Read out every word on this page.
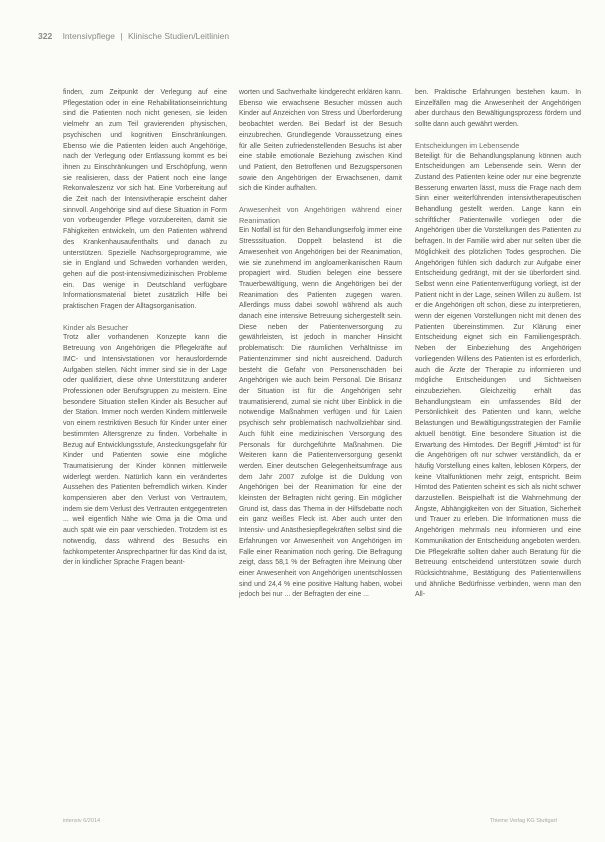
322 Intensivpflege | Klinische Studien/Leitlinien

finden, zum Zeitpunkt der Verlegung auf eine Pflegestation oder in eine Rehabilitationseinrichtung sind die Patienten noch nicht genesen, sie leiden vielmehr an zum Teil gravierenden physischen, psychischen und kognitiven Einschränkungen. Ebenso wie die Patienten leiden auch Angehörige, nach der Verlegung oder Entlassung kommt es bei ihnen zu Einschränkungen und Erschöpfung, wenn sie realisieren, dass der Patient noch eine lange Rekonvaleszenz vor sich hat. Eine Vorbereitung auf die Zeit nach der Intensivtherapie erscheint daher sinnvoll. Angehörige sind auf diese Situation in Form von vorbeugender Pflege vorzubereiten, damit sie Fähigkeiten entwickeln, um den Patienten während des Krankenhausaufenthalts und danach zu unterstützen. Spezielle Nachsorgeprogramme, wie sie in England und Schweden vorhanden werden, gehen auf die post-intensivmedizinischen Probleme ein. Das wenige in Deutschland verfügbare Informationsmaterial bietet zusätzlich Hilfe bei praktischen Fragen der Alltagsorganisation.

Kinder als Besucher

Trotz aller vorhandenen Konzepte kann die Betreuung von Angehörigen die Pflegekräfte auf IMC- und Intensivstationen vor herausfordernde Aufgaben stellen. Nicht immer sind sie in der Lage oder qualifiziert, diese ohne Unterstützung anderer Professionen oder Berufsgruppen zu meistern. Eine besondere Situation stellen Kinder als Besucher auf der Station. Immer noch werden Kindern mittlerweile von einem restriktiven Besuch für Kinder unter einer bestimmten Altersgrenze zu finden. Vorbehalte in Bezug auf Entwicklungsstufe, Ansteckungsgefahr für Kinder und Patienten sowie eine mögliche Traumatisierung der Kinder können mittlerweile widerlegt werden. Natürlich kann ein verändertes Aussehen des Patienten befremdlich wirken. Kinder kompensieren aber den Verlust von Vertrautem, indem sie dem Verlust des Vertrauten entgegentreten ... weil eigentlich Nähe wie Oma ja die Oma und auch spät wie ein paar verschieden. Trotzdem ist es notwendig, dass während des Besuchs ein fachkompetenter Ansprechpartner für das Kind da ist, der in kindlicher Sprache Fragen beant-

worten und Sachverhalte kindgerecht erklären kann. Ebenso wie erwachsene Besucher müssen auch Kinder auf Anzeichen von Stress und Überforderung beobachtet werden. Bei Bedarf ist der Besuch einzubrechen. Grundlegende Voraussetzung eines für alle Seiten zufriedenstellenden Besuchs ist aber eine stabile emotionale Beziehung zwischen Kind und Patient, den Betroffenen und Bezugspersonen sowie den Angehörigen der Erwachsenen, damit sich die Kinder aufhalten.

Anwesenheit von Angehörigen während einer Reanimation

Ein Notfall ist für den Behandlungserfolg immer eine Stresssituation. Doppelt belastend ist die Anwesenheit von Angehörigen bei der Reanimation, wie sie zunehmend im angloamerikanischen Raum propagiert wird. Studien belegen eine bessere Trauerbewältigung, wenn die Angehörigen bei der Reanimation des Patienten zugegen waren. Allerdings muss dabei sowohl während als auch danach eine intensive Betreuung sichergestellt sein. Diese neben der Patientenversorgung zu gewährleisten, ist jedoch in mancher Hinsicht problematisch: Die räumlichen Verhältnisse im Patientenzimmer sind nicht ausreichend. Dadurch besteht die Gefahr von Personenschäden bei Angehörigen wie auch beim Personal. Die Brisanz der Situation ist für die Angehörigen sehr traumatisierend, zumal sie nicht über Einblick in die notwendige Maßnahmen verfügen und für Laien psychisch sehr problematisch nachvollziehbar sind. Auch fühlt eine medizinischen Versorgung des Personals für durchgeführte Maßnahmen. Die Weiteren kann die Patientenversorgung gesenkt werden. Einer deutschen Gelegenheitsumfrage aus dem Jahr 2007 zufolge ist die Duldung von Angehörigen bei der Reanimation für eine der kleinsten der Befragten nicht gering. Ein möglicher Grund ist, dass das Thema in der Hilfsdebatte noch ein ganz weißes Fleck ist. Aber auch unter den Intensiv- und Anästhesiepflegekräften selbst sind die Erfahrungen vor Anwesenheit von Angehörigen im Falle einer Reanimation noch gering. Die Befragung zeigt, dass 58,1 % der Befragten ihre Meinung über einer Anwesenheit von Angehörigen unentschlossen sind und 24,4 % eine positive Haltung haben, wobei jedoch bei nur ... der Befragten der eine ...

ben. Praktische Erfahrungen bestehen kaum. In Einzelfällen mag die Anwesenheit der Angehörigen aber durchaus den Bewältigungsprozess fördern und sollte dann auch gewährt werden.

Entscheidungen im Lebensende

Beteiligt für die Behandlungsplanung können auch Entscheidungen am Lebensende sein. Wenn der Zustand des Patienten keine oder nur eine begrenzte Besserung erwarten lässt, muss die Frage nach dem Sinn einer weiterführenden intensivtherapeutischen Behandlung gestellt werden. Lange kann ein schriftlicher Patientenwille vorliegen oder die Angehörigen über die Vorstellungen des Patienten zu befragen. In der Familie wird aber nur selten über die Möglichkeit des plötzlichen Todes gesprochen. Die Angehörigen fühlen sich dadurch zur Aufgabe einer Entscheidung gedrängt, mit der sie überfordert sind. Selbst wenn eine Patientenverfügung vorliegt, ist der Patient nicht in der Lage, seinen Willen zu äußern. Ist er die Angehörigen oft schon, diese zu interpretieren, wenn der eigenen Vorstellungen nicht mit denen des Patienten übereinstimmen. Zur Klärung einer Entscheidung eignet sich ein Familiengespräch. Neben der Einbeziehung des Angehörigen vorliegenden Willens des Patienten ist es erforderlich, auch die Ärzte der Therapie zu informieren und mögliche Entscheidungen und Sichtweisen einzubeziehen. Gleichzeitig erhält das Behandlungsteam ein umfassendes Bild der Persönlichkeit des Patienten und kann, welche Belastungen und Bewältigungsstrategien der Familie aktuell benötigt. Eine besondere Situation ist die Erwartung des Hirntodes. Der Begriff „Hirntod“ ist für die Angehörigen oft nur schwer verständlich, da er häufig Vorstellung eines kalten, leblosen Körpers, der keine Vitalfunktionen mehr zeigt, entspricht. Beim Hirntod des Patienten scheint es sich als nicht schwer darzustellen. Beispielhaft ist die Wahrnehmung der Ängste, Abhängigkeiten von der Situation, Sicherheit und Trauer zu erleben. Die Informationen muss die Angehörigen mehrmals neu informieren und eine Kommunikation der Entscheidung angeboten werden. Die Pflegekräfte sollten daher auch Beratung für die Betreuung entscheidend unterstützen sowie durch Rücksichtnahme, Bestätigung des Patientenwillens und ähnliche Bedürfnisse verbinden, wenn man den All-

intensiv 6/2014	Thieme Verlag KG Stuttgart
